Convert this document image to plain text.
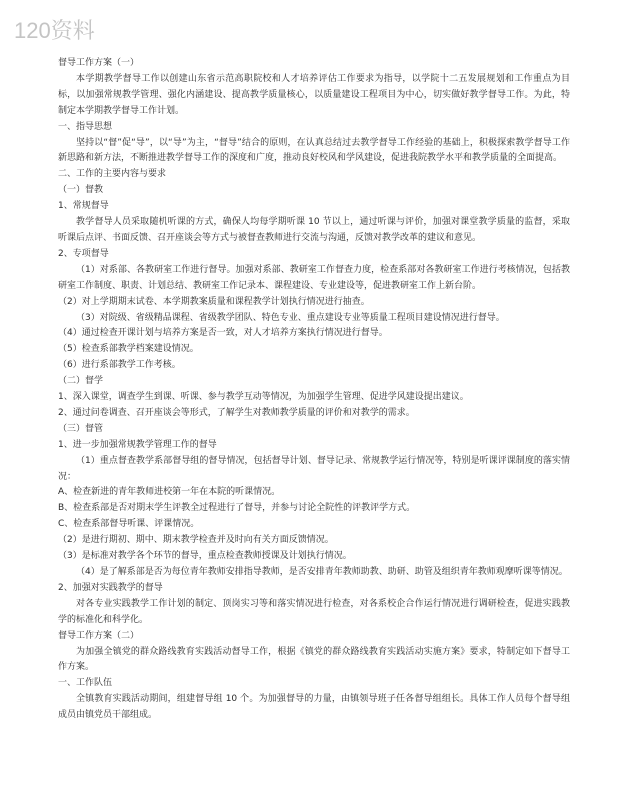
120资料

督导工作方案（一）

本学期教学督导工作以创建山东省示范高职院校和人才培养评估工作要求为指导，以学院十二五发展规划和工作重点为目标，以加强常规教学管理、强化内涵建设、提高教学质量核心，以质量建设工程项目为中心，切实做好教学督导工作。为此，特制定本学期教学督导工作计划。

一、指导思想

坚持以“督”促“导”，以“导”为主，“督导”结合的原则，在认真总结过去教学督导工作经验的基础上，积极探索教学督导工作新思路和新方法，不断推进教学督导工作的深度和广度，推动良好校风和学风建设，促进我院教学水平和教学质量的全面提高。

二、工作的主要内容与要求

（一）督教

1、常规督导

教学督导人员采取随机听课的方式，确保人均每学期听课 10 节以上，通过听课与评价，加强对课堂教学质量的监督，采取听课后点评、书面反馈、召开座谈会等方式与被督查教师进行交流与沟通，反馈对教学改革的建议和意见。

2、专项督导

（1）对系部、各教研室工作进行督导。加强对系部、教研室工作督查力度，检查系部对各教研室工作进行考核情况，包括教研室工作制度、职责、计划总结、教研室工作记录本、课程建设、专业建设等，促进教研室工作上新台阶。

（2）对上学期期末试卷、本学期教案质量和课程教学计划执行情况进行抽查。

（3）对院级、省级精品课程、省级教学团队、特色专业、重点建设专业等质量工程项目建设情况进行督导。

（4）通过检查开课计划与培养方案是否一致，对人才培养方案执行情况进行督导。

（5）检查系部教学档案建设情况。

（6）进行系部教学工作考核。

（二）督学

1、深入课堂，调查学生到课、听课、参与教学互动等情况，为加强学生管理、促进学风建设提出建议。

2、通过问卷调查、召开座谈会等形式，了解学生对教师教学质量的评价和对教学的需求。

（三）督管

1、进一步加强常规教学管理工作的督导

（1）重点督查教学系部督导组的督导情况，包括督导计划、督导记录、常规教学运行情况等，特别是听课评课制度的落实情况：

A、检查新进的青年教师进校第一年在本院的听课情况。

B、检查系部是否对期末学生评教全过程进行了督导，并参与讨论全院性的评教评学方式。

C、检查系部督导听课、评课情况。

（2）是进行期初、期中、期末教学检查并及时向有关方面反馈情况。

（3）是标准对教学各个环节的督导，重点检查教师授课及计划执行情况。

（4）是了解系部是否为每位青年教师安排指导教师，是否安排青年教师助教、助研、助管及组织青年教师观摩听课等情况。

2、加强对实践教学的督导

对各专业实践教学工作计划的制定、顶岗实习等和落实情况进行检查，对各系校企合作运行情况进行调研检查，促进实践教学的标准化和科学化。

督导工作方案（二）

为加强全镇党的群众路线教育实践活动督导工作，根据《镇党的群众路线教育实践活动实施方案》要求，特制定如下督导工作方案。

一、工作队伍

全镇教育实践活动期间，组建督导组 10 个。为加强督导的力量，由镇领导班子任各督导组组长。具体工作人员每个督导组成员由镇党员干部组成。
